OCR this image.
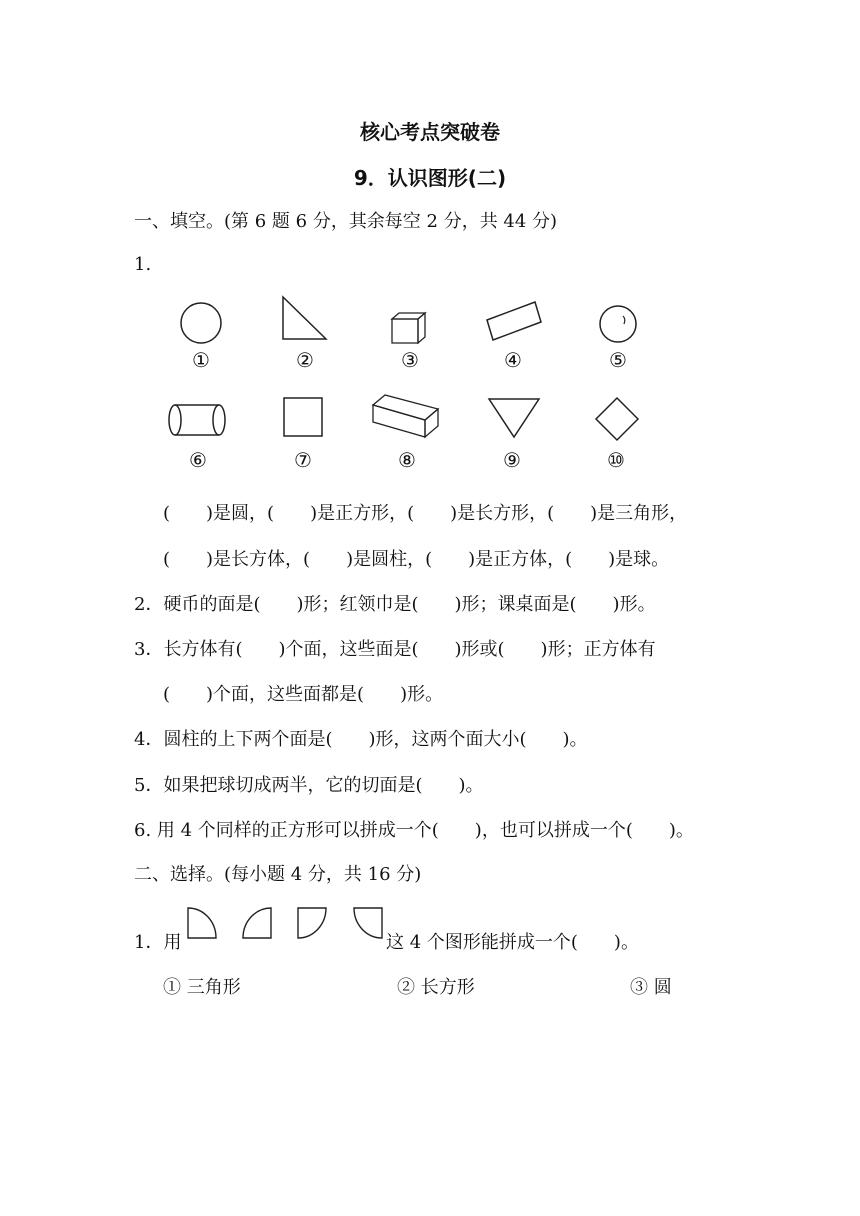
核心考点突破卷
9．认识图形(二)
一、填空。(第 6 题 6 分，其余每空 2 分，共 44 分)
1.
①	②	③	④	⑤
⑥	⑦	⑧	⑨	⑩
(　　)是圆，(　　)是正方形，(　　)是长方形，(　　)是三角形，
(　　)是长方体，(　　)是圆柱，(　　)是正方体，(　　)是球。
2．硬币的面是(　　)形；红领巾是(　　)形；课桌面是(　　)形。
3．长方体有(　　)个面，这些面是(　　)形或(　　)形；正方体有
(　　)个面，这些面都是(　　)形。
4．圆柱的上下两个面是(　　)形，这两个面大小(　　)。
5．如果把球切成两半，它的切面是(　　)。
6. 用 4 个同样的正方形可以拼成一个(　　)，也可以拼成一个(　　)。
二、选择。(每小题 4 分，共 16 分)
1．用	这 4 个图形能拼成一个(　　)。
① 三角形	② 长方形	③ 圆
